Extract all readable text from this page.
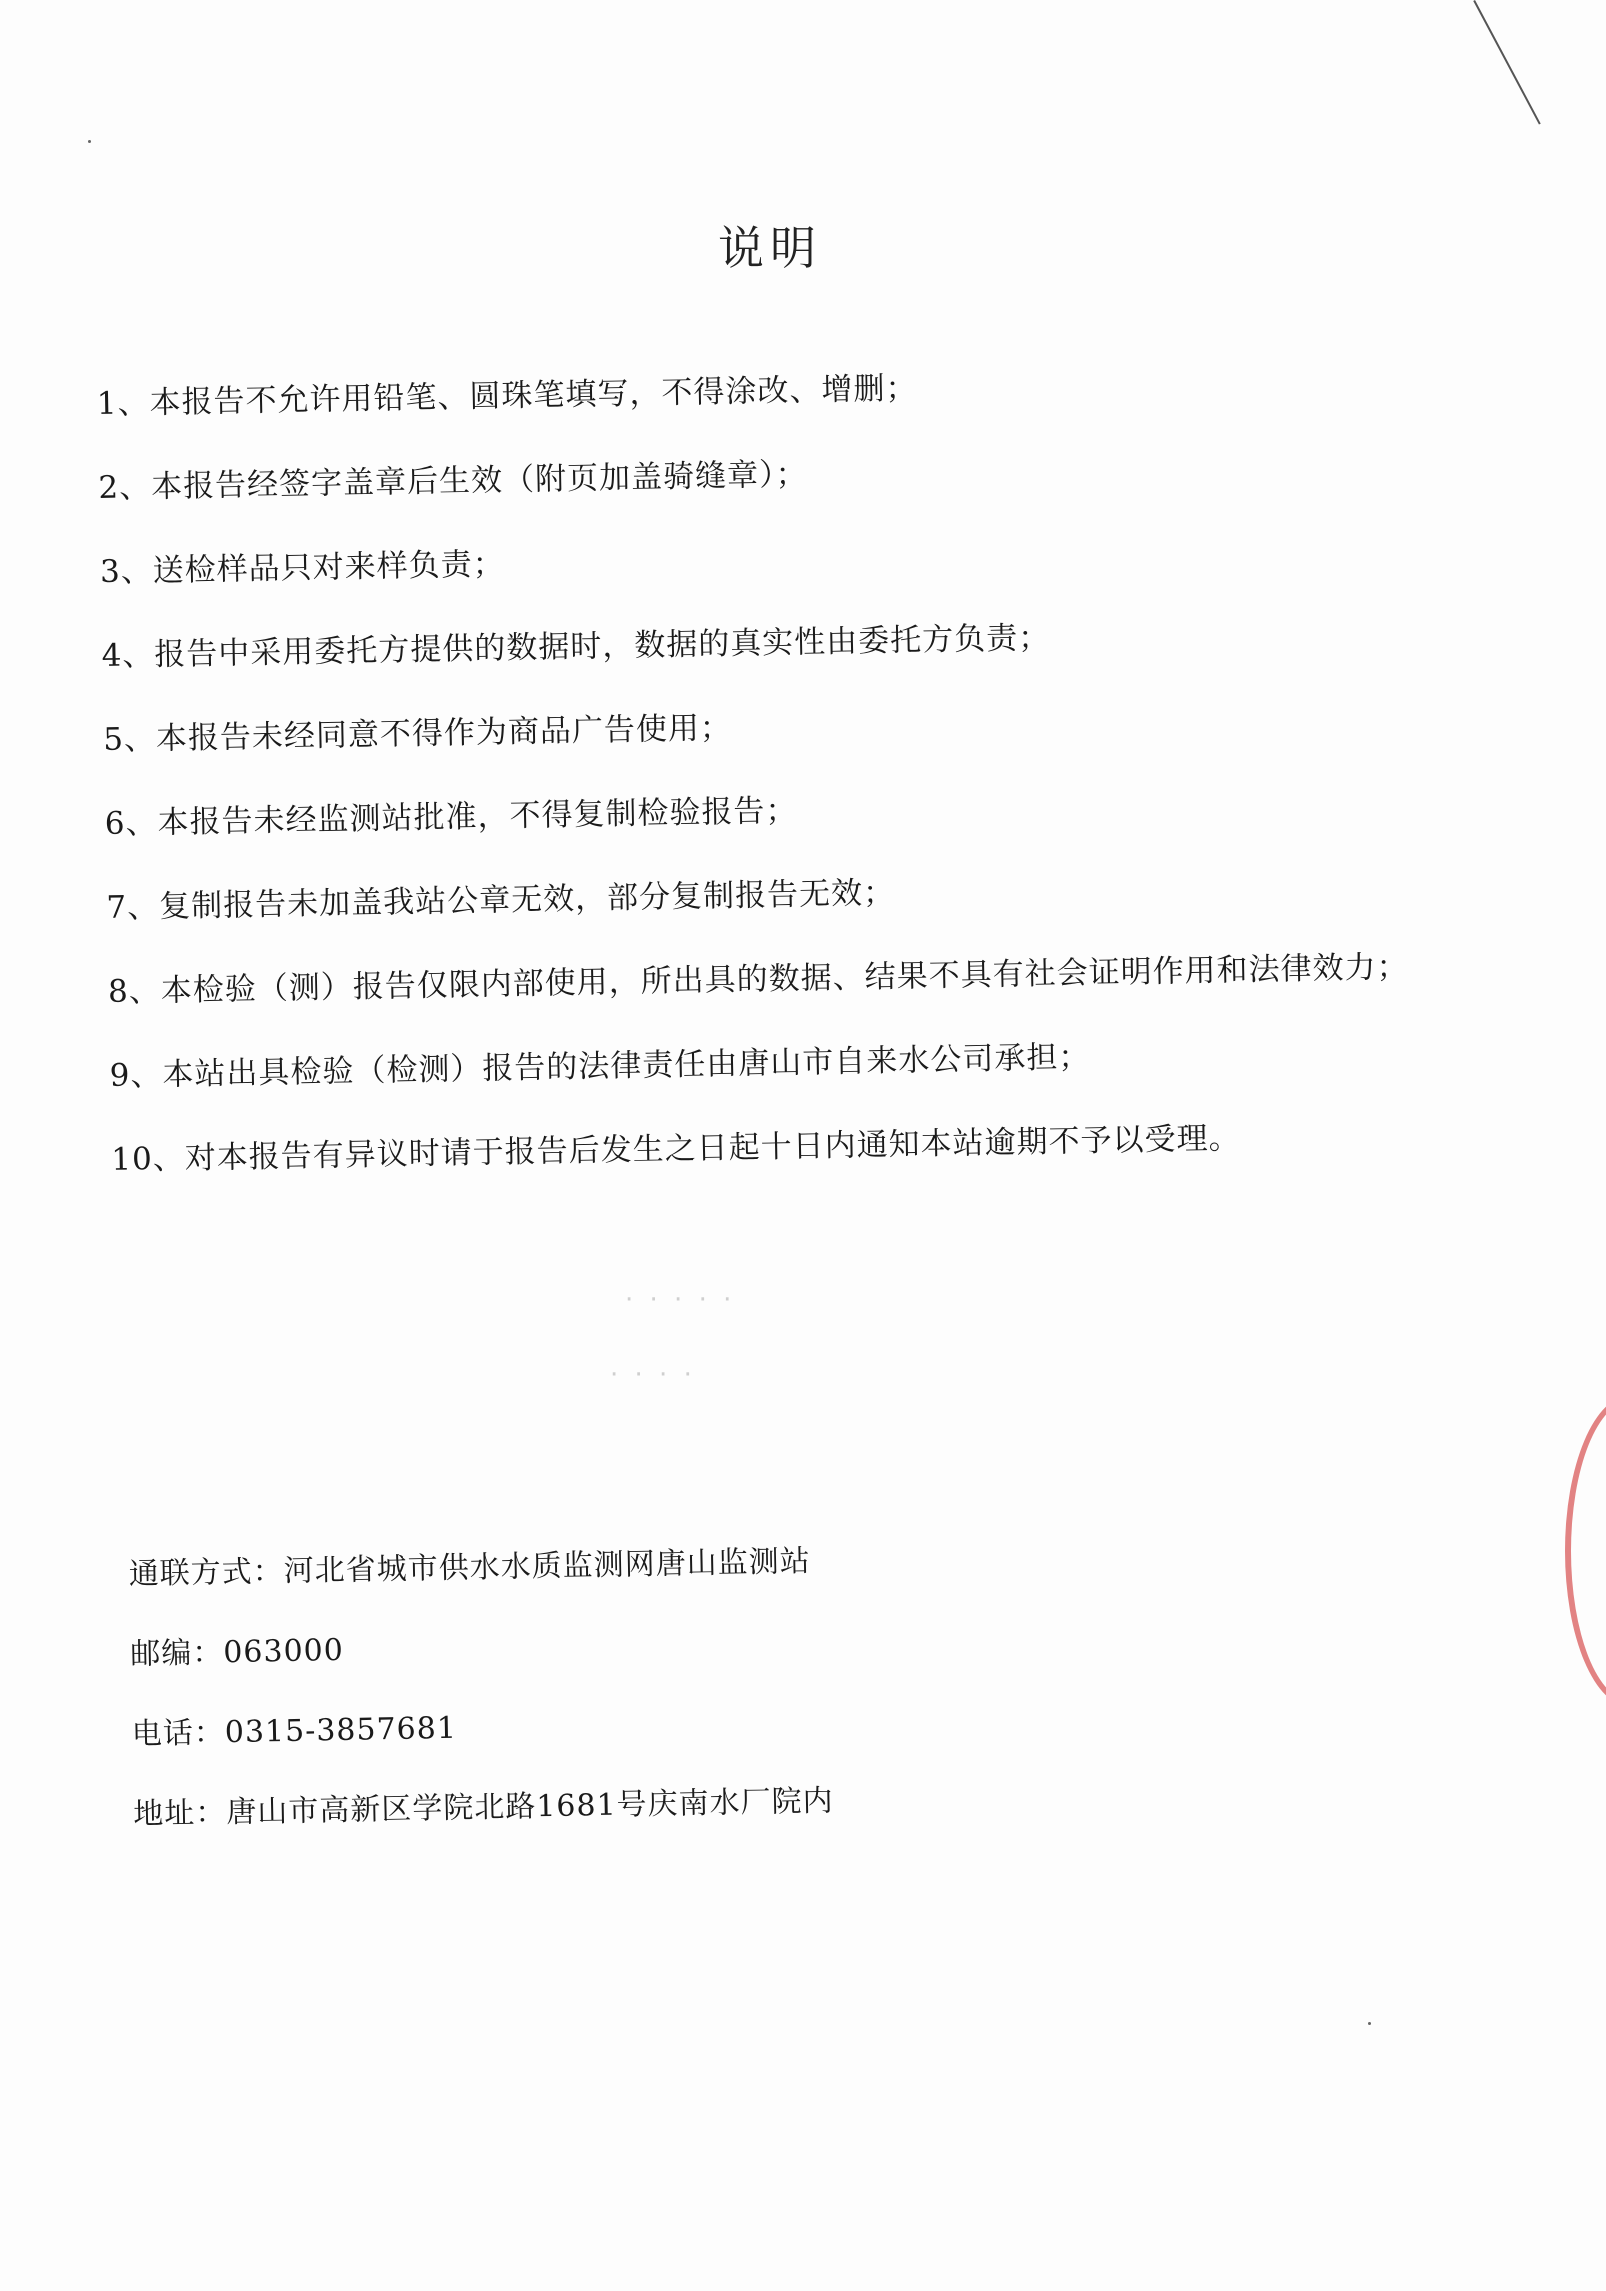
· · · · ·
· · · ·
说明
1、本报告不允许用铅笔、圆珠笔填写，不得涂改、增删；
2、本报告经签字盖章后生效（附页加盖骑缝章）；
3、送检样品只对来样负责；
4、报告中采用委托方提供的数据时，数据的真实性由委托方负责；
5、本报告未经同意不得作为商品广告使用；
6、本报告未经监测站批准，不得复制检验报告；
7、复制报告未加盖我站公章无效，部分复制报告无效；
8、本检验（测）报告仅限内部使用，所出具的数据、结果不具有社会证明作用和法律效力；
9、本站出具检验（检测）报告的法律责任由唐山市自来水公司承担；
10、对本报告有异议时请于报告后发生之日起十日内通知本站逾期不予以受理。
通联方式：河北省城市供水水质监测网唐山监测站
邮编：063000
电话：0315-3857681
地址：唐山市高新区学院北路1681号庆南水厂院内
